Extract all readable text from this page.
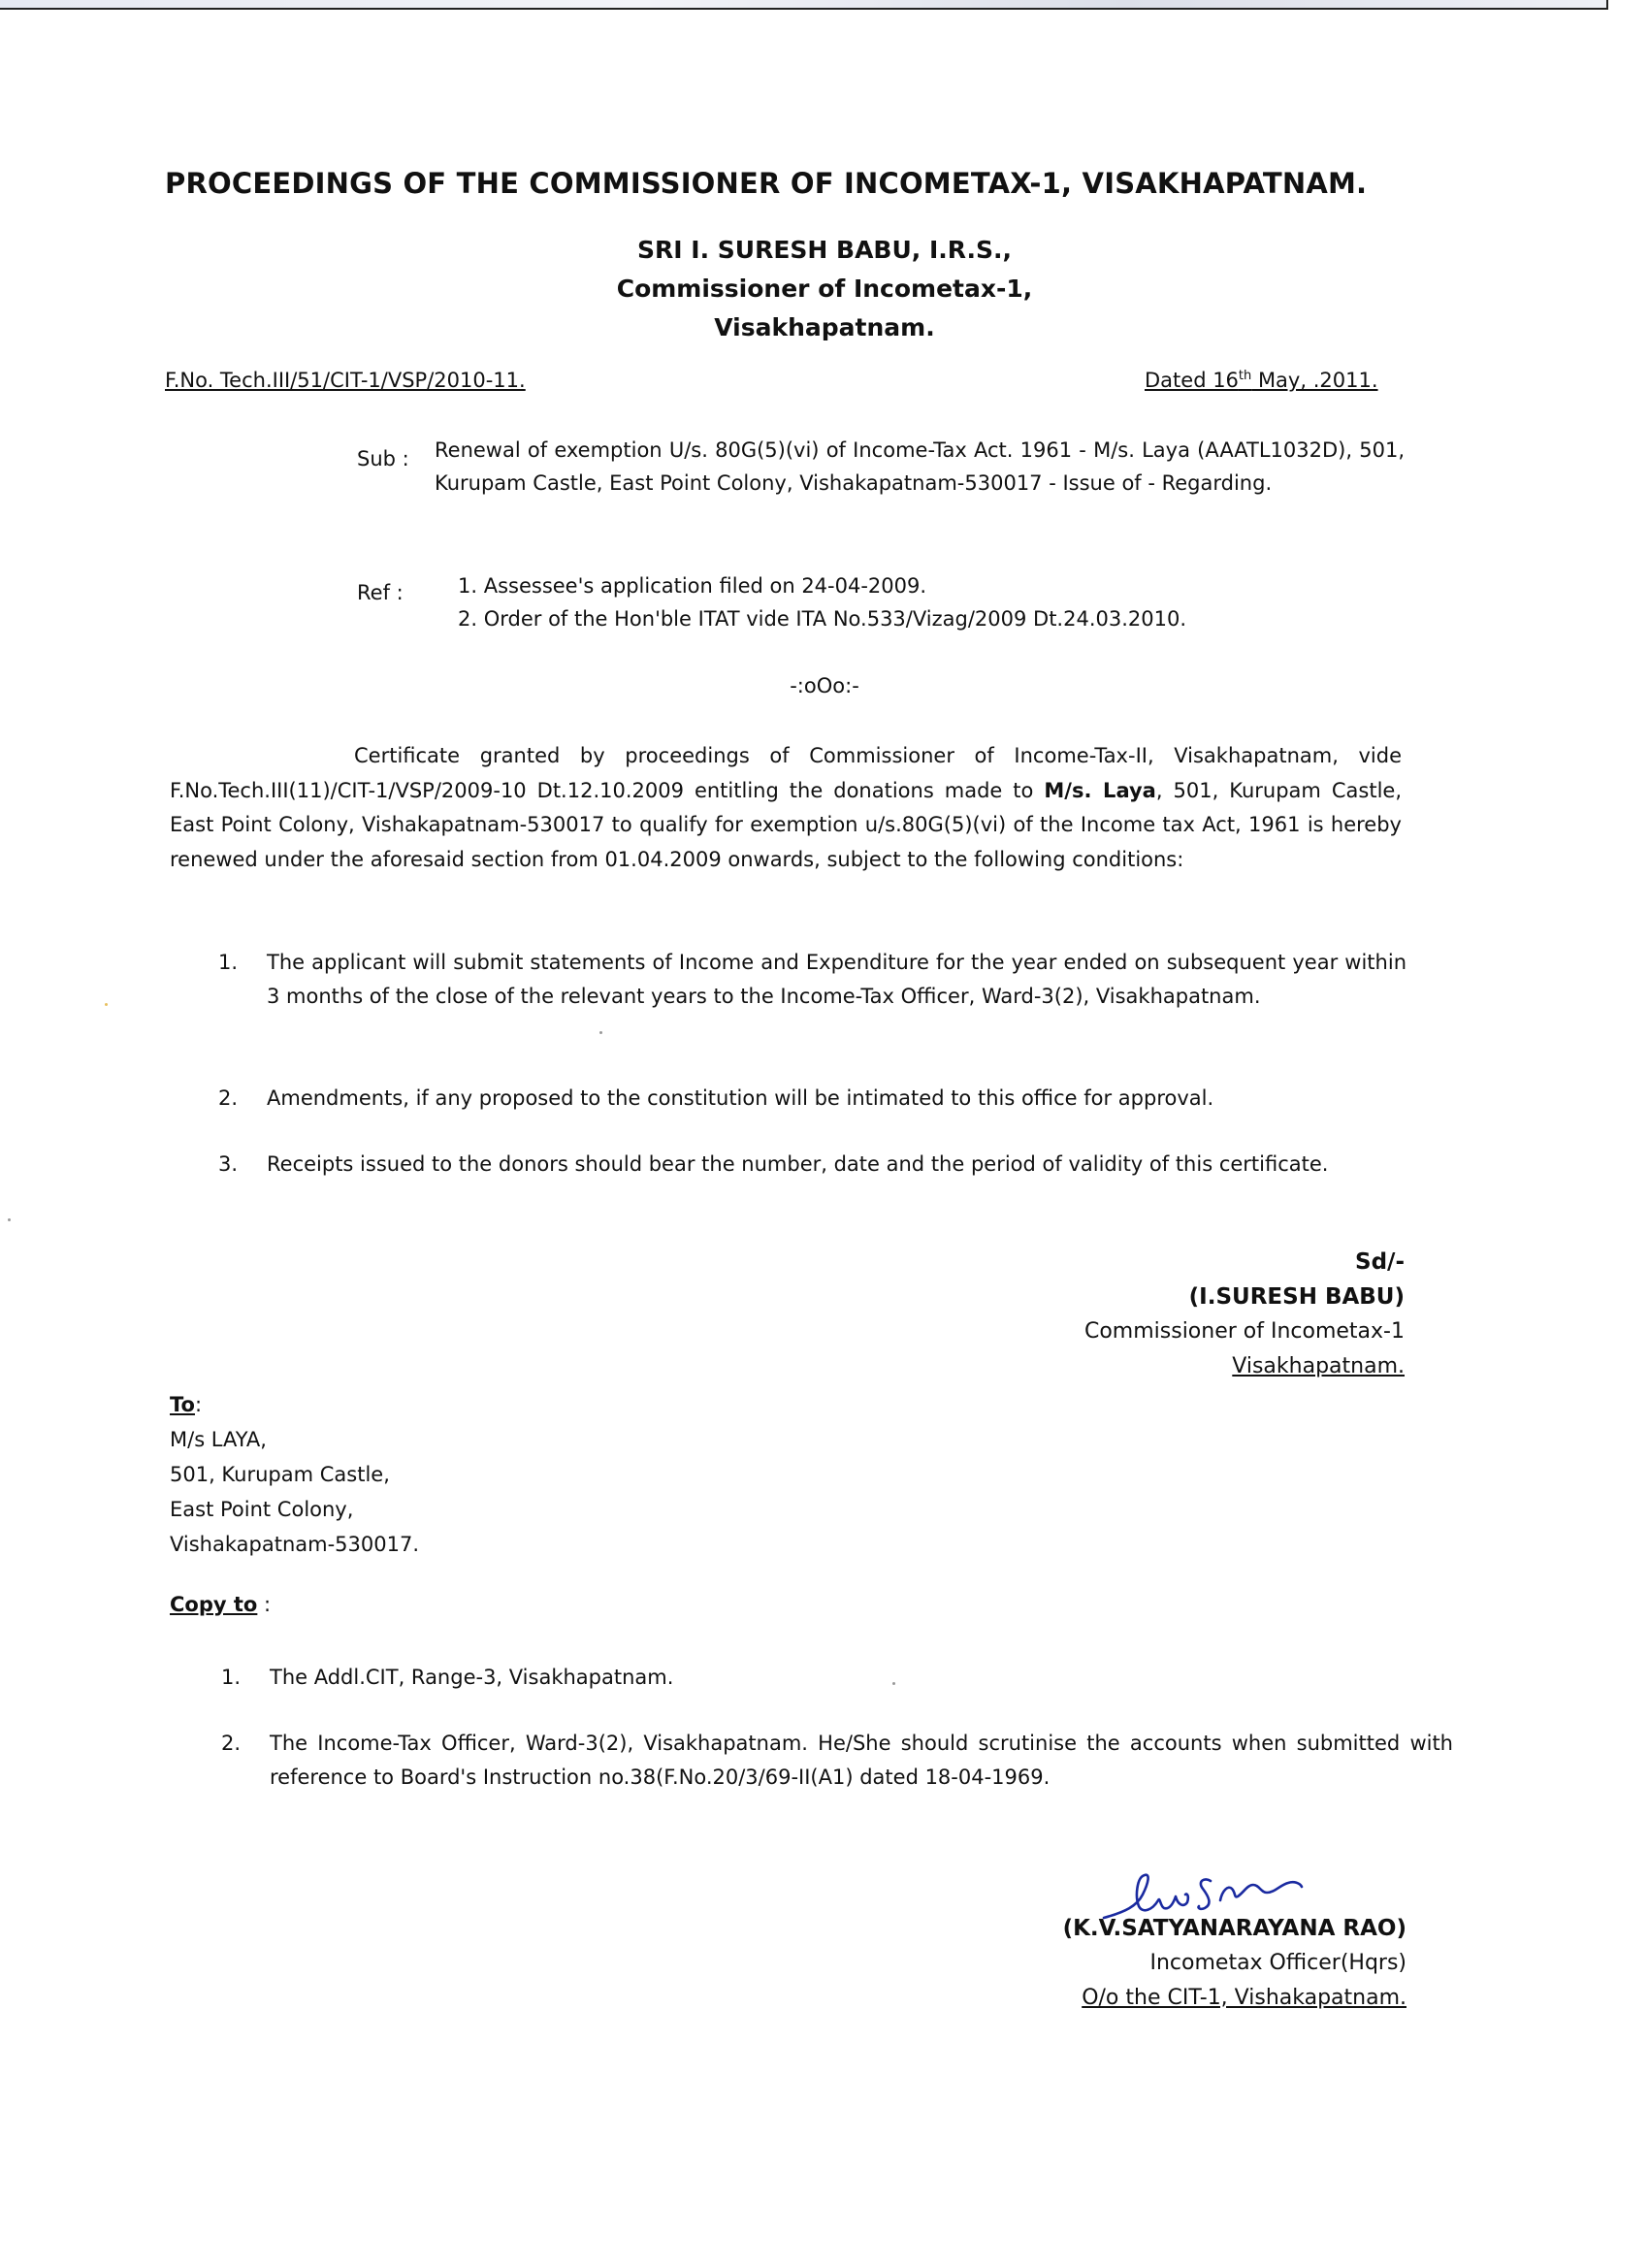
PROCEEDINGS OF THE COMMISSIONER OF INCOMETAX-1, VISAKHAPATNAM.
SRI I. SURESH BABU, I.R.S.,
Commissioner of Incometax-1,
Visakhapatnam.
F.No. Tech.III/51/CIT-1/VSP/2010-11.	Dated 16th May, .2011.
Sub : Renewal of exemption U/s. 80G(5)(vi) of Income-Tax Act. 1961 - M/s. Laya (AAATL1032D), 501, Kurupam Castle, East Point Colony, Vishakapatnam-530017 - Issue of - Regarding.
Ref :	1. Assessee's application filed on 24-04-2009.
2. Order of the Hon'ble ITAT vide ITA No.533/Vizag/2009 Dt.24.03.2010.
-:oOo:-
Certificate granted by proceedings of Commissioner of Income-Tax-II, Visakhapatnam, vide F.No.Tech.III(11)/CIT-1/VSP/2009-10 Dt.12.10.2009 entitling the donations made to M/s. Laya, 501, Kurupam Castle, East Point Colony, Vishakapatnam-530017 to qualify for exemption u/s.80G(5)(vi) of the Income tax Act, 1961 is hereby renewed under the aforesaid section from 01.04.2009 onwards, subject to the following conditions:
1. The applicant will submit statements of Income and Expenditure for the year ended on subsequent year within 3 months of the close of the relevant years to the Income-Tax Officer, Ward-3(2), Visakhapatnam.
2. Amendments, if any proposed to the constitution will be intimated to this office for approval.
3. Receipts issued to the donors should bear the number, date and the period of validity of this certificate.
Sd/-
(I.SURESH BABU)
Commissioner of Incometax-1
Visakhapatnam.
To:
M/s LAYA,
501, Kurupam Castle,
East Point Colony,
Vishakapatnam-530017.
Copy to :
1. The Addl.CIT, Range-3, Visakhapatnam.
2. The Income-Tax Officer, Ward-3(2), Visakhapatnam. He/She should scrutinise the accounts when submitted with reference to Board's Instruction no.38(F.No.20/3/69-II(A1) dated 18-04-1969.
(K.V.SATYANARAYANA RAO)
Incometax Officer(Hqrs)
O/o the CIT-1, Vishakapatnam.
